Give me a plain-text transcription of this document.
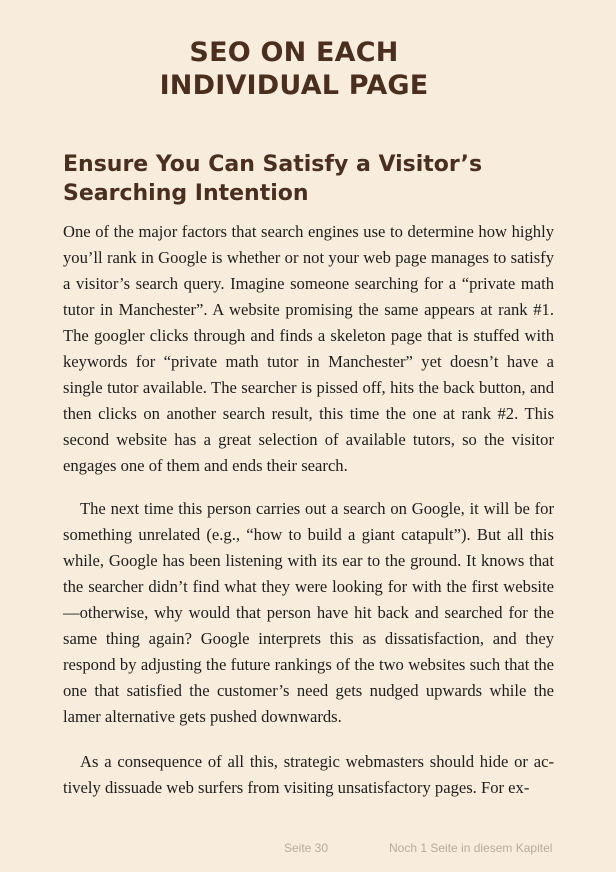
SEO ON EACH
INDIVIDUAL PAGE
Ensure You Can Satisfy a Visitor’s
Searching Intention

One of the major factors that search engines use to determine how highly you’ll rank in Google is whether or not your web page manages to satisfy a visitor’s search query. Imagine someone searching for a “private math tutor in Manchester”. A website promising the same appears at rank #1. The googler clicks through and finds a skeleton page that is stuffed with keywords for “private math tutor in Manchester” yet doesn’t have a single tutor available. The searcher is pissed off, hits the back button, and then clicks on another search result, this time the one at rank #2. This second website has a great selection of available tutors, so the visitor engages one of them and ends their search.

The next time this person carries out a search on Google, it will be for something unrelated (e.g., “how to build a giant catapult”). But all this while, Google has been listening with its ear to the ground. It knows that the searcher didn’t find what they were looking for with the first website—otherwise, why would that person have hit back and searched for the same thing again? Google interprets this as dissatisfaction, and they respond by adjusting the future rankings of the two websites such that the one that satisfied the customer’s need gets nudged upwards while the lamer alternative gets pushed downwards.

As a consequence of all this, strategic webmasters should hide or actively dissuade web surfers from visiting unsatisfactory pages. For ex-

Seite 30	Noch 1 Seite in diesem Kapitel
